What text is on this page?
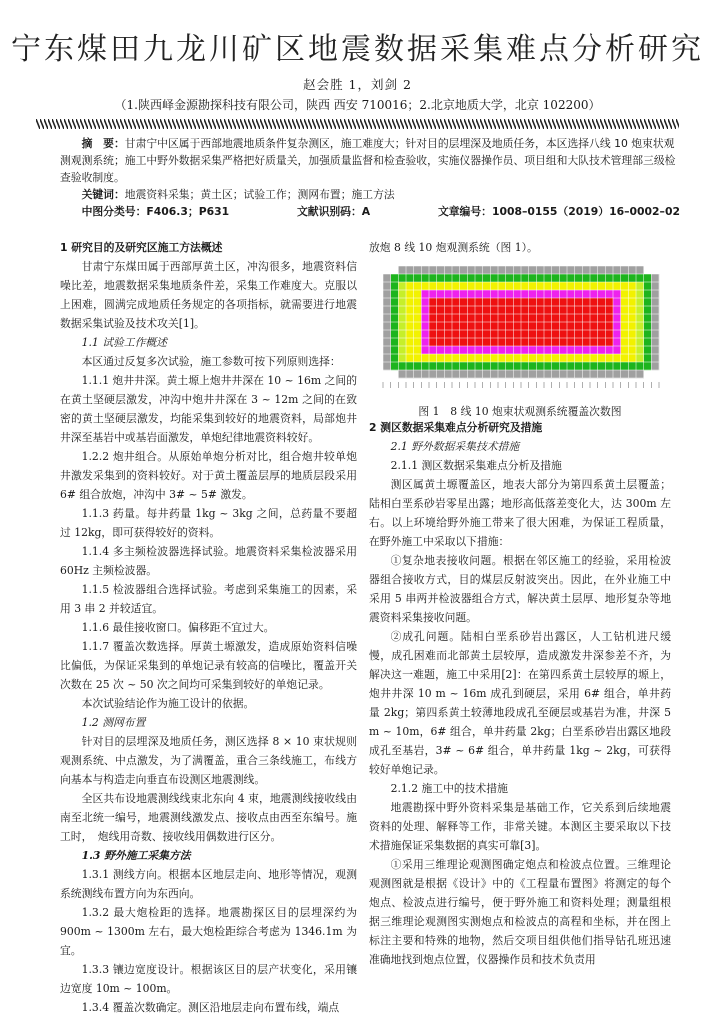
宁东煤田九龙川矿区地震数据采集难点分析研究
赵会胜 1，刘剑 2
（1.陕西峄金源勘探科技有限公司，陕西 西安 710016；2.北京地质大学，北京 102200）

  摘　要：甘肃宁中区属于西部地震地质条件复杂测区，施工难度大；针对目的层埋深及地质任务，本区选择八线 10 炮束状观测观测系统；施工中野外数据采集严格把好质量关，加强质量监督和检查验收，实施仪器操作员、项目组和大队技术管理部三级检查验收制度。

  关键词：地震资料采集；黄土区；试验工作；测网布置；施工方法

  中图分类号：F406.3；P631	文献识别码：A	文章编号：1008–0155（2019）16–0002–02

1 研究目的及研究区施工方法概述

甘肃宁东煤田属于西部厚黄土区，冲沟很多，地震资料信噪比差，地震数据采集地质条件差，采集工作难度大。克服以上困难，圆满完成地质任务规定的各项指标，就需要进行地震数据采集试验及技术攻关[1]。

1.1 试验工作概述

本区通过反复多次试验，施工参数可按下列原则选择：

1.1.1 炮井井深。黄土塬上炮井井深在 10 ~ 16m 之间的在黄土坚硬层激发，冲沟中炮井井深在 3 ~ 12m 之间的在致密的黄土坚硬层激发，均能采集到较好的地震资料，局部炮井井深至基岩中或基岩面激发，单炮纪律地震资料较好。

1.2.2 炮井组合。从原始单炮分析对比，组合炮井较单炮井激发采集到的资料较好。对于黄土覆盖层厚的地质层段采用 6# 组合放炮，冲沟中 3# ~ 5# 激发。

1.1.3 药量。每井药量 1kg ~ 3kg 之间，总药量不要超过 12kg，即可获得较好的资料。

1.1.4 多主频检波器选择试验。地震资料采集检波器采用 60Hz 主频检波器。

1.1.5 检波器组合选择试验。考虑到采集施工的因素，采用 3 串 2 并较适宜。

1.1.6 最佳接收窗口。偏移距不宜过大。

1.1.7 覆盖次数选择。厚黄土塬激发，造成原始资料信噪比偏低，为保证采集到的单炮记录有较高的信噪比，覆盖开关次数在 25 次 ~ 50 次之间均可采集到较好的单炮记录。

本次试验结论作为施工设计的依据。

1.2 测网布置

针对目的层埋深及地质任务，测区选择 8 × 10 束状规则观测系统、中点激发，为了满覆盖，重合三条线施工，布线方向基本与构造走向垂直布设测区地震测线。

全区共布设地震测线线束北东向 4 束，地震测线接收线由南至北统一编号，地震测线激发点、接收点由西至东编号。施工时，　炮线用奇数、接收线用偶数进行区分。

1.3 野外施工采集方法

1.3.1 测线方向。根据本区地层走向、地形等情况，观测系统测线布置方向为东西向。

1.3.2 最大炮检距的选择。地震勘探区目的层埋深约为 900m ~ 1300m 左右，最大炮检距综合考虑为 1346.1m 为宜。

1.3.3 镶边宽度设计。根据该区目的层产状变化，采用镶边宽度 10m ~ 100m。

1.3.4 覆盖次数确定。测区沿地层走向布置布线，端点

放炮 8 线 10 炮观测系统（图 1）。

图 1　8 线 10 炮束状观测系统覆盖次数图

2 测区数据采集难点分析研究及措施

2.1 野外数据采集技术措施

2.1.1 测区数据采集难点分析及措施

测区属黄土塬覆盖区，地表大部分为第四系黄土层覆盖；陆相白垩系砂岩零星出露；地形高低落差变化大，达 300m 左右。以上环境给野外施工带来了很大困难，为保证工程质量，在野外施工中采取以下措施：

①复杂地表接收问题。根据在邻区施工的经验，采用检波器组合接收方式，目的煤层反射波突出。因此，在外业施工中采用 5 串两并检波器组合方式，解决黄土层厚、地形复杂等地震资料采集接收问题。

②成孔问题。陆相白垩系砂岩出露区，人工钻机进尺缓慢，成孔困难而北部黄土层较厚，造成激发井深参差不齐，为解决这一难题，施工中采用[2]：在第四系黄土层较厚的塬上，炮井井深 10 m ~ 16m 成孔到硬层，采用 6# 组合，单井药量 2kg；第四系黄土较薄地段成孔至硬层或基岩为准，井深 5 m ~ 10m，6# 组合，单井药量 2kg；白垩系砂岩出露区地段成孔至基岩，3# ~ 6# 组合，单井药量 1kg ~ 2kg，可获得较好单炮记录。

2.1.2 施工中的技术措施

地震勘探中野外资料采集是基础工作，它关系到后续地震资料的处理、解释等工作，非常关键。本测区主要采取以下技术措施保证采集数据的真实可靠[3]。

①采用三维理论观测图确定炮点和检波点位置。三维理论观测图就是根据《设计》中的《工程量布置图》将测定的每个炮点、检波点进行编号，便于野外施工和资料处理；测量组根据三维理论观测图实测炮点和检波点的高程和坐标，并在图上标注主要和特殊的地物，然后交项目组供他们指导钻孔班迅速准确地找到炮点位置，仪器操作员和技术负责用
